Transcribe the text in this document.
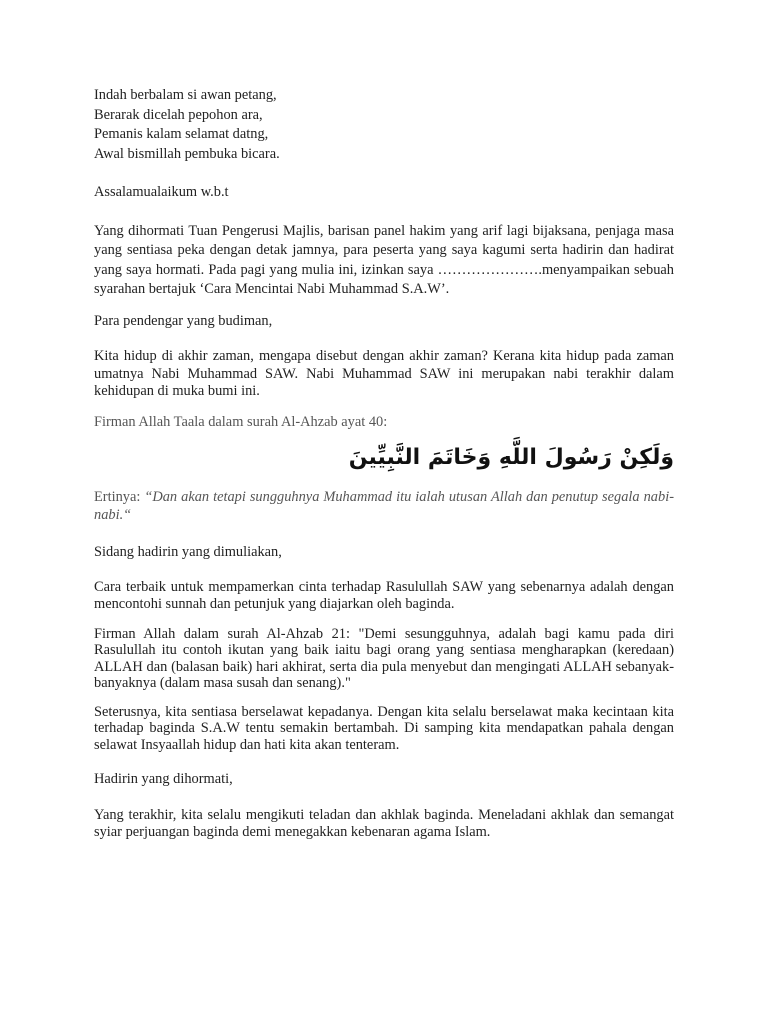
Indah berbalam si awan petang,
Berarak dicelah pepohon ara,
Pemanis kalam selamat datng,
Awal bismillah pembuka bicara.

Assalamualaikum w.b.t

Yang dihormati Tuan Pengerusi Majlis, barisan panel hakim yang arif lagi bijaksana, penjaga masa yang sentiasa peka dengan detak jamnya, para peserta yang saya kagumi serta hadirin dan hadirat yang saya hormati. Pada pagi yang mulia ini, izinkan saya ………………….menyampaikan sebuah syarahan bertajuk ‘Cara Mencintai Nabi Muhammad S.A.W’.

Para pendengar yang budiman,

Kita hidup di akhir zaman, mengapa disebut dengan akhir zaman? Kerana kita hidup pada zaman umatnya Nabi Muhammad SAW. Nabi Muhammad SAW ini merupakan nabi terakhir dalam kehidupan di muka bumi ini.

Firman Allah Taala dalam surah Al-Ahzab ayat 40:

وَلَكِنْ رَسُولَ اللَّهِ وَخَاتَمَ النَّبِيِّينَ

Ertinya: “Dan akan tetapi sungguhnya Muhammad itu ialah utusan Allah dan penutup segala nabi-nabi.“

Sidang hadirin yang dimuliakan,

Cara terbaik untuk mempamerkan cinta terhadap Rasulullah SAW yang sebenarnya adalah dengan mencontohi sunnah dan petunjuk yang diajarkan oleh baginda.

Firman Allah dalam surah Al-Ahzab 21: "Demi sesungguhnya, adalah bagi kamu pada diri Rasulullah itu contoh ikutan yang baik iaitu bagi orang yang sentiasa mengharapkan (keredaan) ALLAH dan (balasan baik) hari akhirat, serta dia pula menyebut dan mengingati ALLAH sebanyak-banyaknya (dalam masa susah dan senang)."

Seterusnya, kita sentiasa berselawat kepadanya. Dengan kita selalu berselawat maka kecintaan kita terhadap baginda S.A.W tentu semakin bertambah. Di samping kita mendapatkan pahala dengan selawat Insyaallah hidup dan hati kita akan tenteram.

Hadirin yang dihormati,

Yang terakhir, kita selalu mengikuti teladan dan akhlak baginda. Meneladani akhlak dan semangat syiar perjuangan baginda demi menegakkan kebenaran agama Islam.
